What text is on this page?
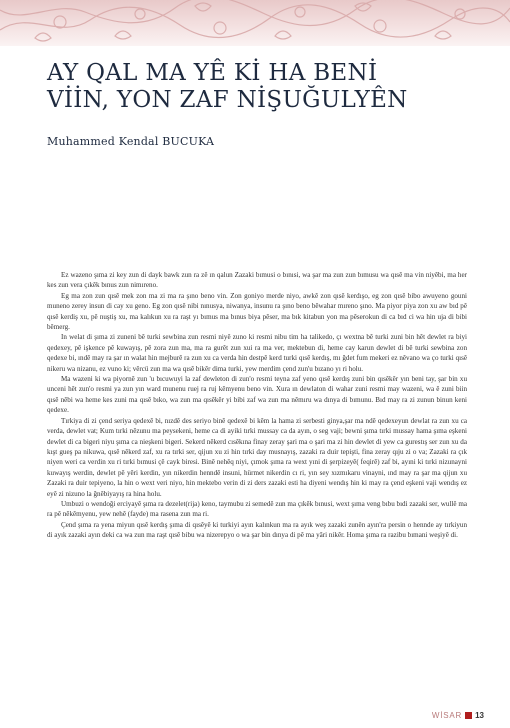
AY QAL MA YÊ Kİ HA BENİ
VİİN, YON ZAF NİŞUĞULYÊN
Muhammed Kendal BUCUKA

Ez wazeno şıma zi key zun di dayk bawk zun ra zê ın qalun Zazaki bımusi o bınısi, wa şar ma zun zun bımusu wa qısê ma vin niyêbi, ma her kes zun vera çıkêk bınus zun nimıreno.

Eg ma zon zun qısê mek zon ma zi ma ra şıno beno vin. Zon goniyo merde niyo, awkê zon qısê kerdışo, eg zon qısê bibo awuyeno gouni muneno zerey insun di cay xu geno. Eg zon qısê nibi nınusya, niwanya, insunu ra şıno beno bêwahar mıreno şıno. Ma piyor piya zon xu aw bıd pê qısê kerdiş xu, pê nuştiş xu, ma kalıkun xu ra raşt yı bımus ma bınus biya pêser, ma bık kitabun yon ma pêserokun di ca bıd ci wa hin uja di bibi bêmerg.

In welat di şıma zi zuneni bê turki sewbina zun resmi niyê zuno ki resmi nibu tim ha talikedo, çı wextna bê turki zuni bin hêt dewlet ra biyi qedexey, pê işkence pê kuwayış, pê zora zun ma, ma ra gurêt zun xui ra ma ver, mektebun di, heme cay karun dewlet di bê turki sewbina zon qedexe bi, ındê may ra şar ın walat hin mejburê ra zun xu ca verda hin destpê kerd turki qısê kerdış, mı ğdet fum mekeri ez nêvano wa ço turki qısê nikeru wa nizanu, ez vuno ki; vêrcü zun ma wa qısê bikêr dima turki, yew merdim çend zun'u bızano yı ri holu.

Ma wazeni ki wa piyornê zun 'u bıcuwuyi la zaf dewleton di zun'o resmi teyna zaf yeno qısê kerdış zuni bin qısêkêr yın beni tay, şar bin xu unceni hêt zun'o resmi ya zun yın ward munenu ruej ra ruj kêmyenu beno vin. Xura ın dewlaton di wahar zuni resmi may wazeni, wa ê zuni biin qısê nêbi wa heme kes zuni ma qısê bıko, wa zun ma qısêkêr yi bibi zaf wa zun ma nêmıru wa dınya di bımunu. Bıd may ra zi zunun binun keni qedexe.

Tırkiya di zi çend seriya qedexê bi, nızdê des seriyo binê qedexê bi kêm la hama zi serbesti ginya,şar ma ndê qedexeyun dewlat ra zun xu ca verda, dewlet vat; Kum tırki nêzunu ma peysekeni, heme ca di ayiki tırki mussay ca da ayın, o seg vaji; bewni şıma tırki mussay hama şıma eşkeni dewlet di ca bigeri niyu şıma ca nieşkeni bigeri. Sekerd nêkerd cısêkına finay zeray şari ma o şari ma zi hin dewlet di yew ca gurestış ser zun xu da kışt gueş pa nikuwa, qısê nêkerd zaf, xu ra tırki ser, qijun xu zi hin tırki day musnayış, zazaki ra duir tepişti, fina zeray qıju zi o va; Zazaki ra çık niyen weri ca verdin xu ri tırki bımusi çê cayk biresi. Binê nehêq niyi, çımok şıma ra wext yıni di şerpizeyê( feqirê) zaf bi, ayıni ki tırki nizunayni kuwayış werdin, dewlet pê yêri kerdin, yın nikerdin henndê insuni, hürmet nikerdin cı ri, yın sey xızmıkaru vinayni, ınd may ra şar ma qijun xu Zazaki ra duir tepiyeno, la hin o wext veri niyo, hin mektebo verin di zi ders zazaki esti ha diyeni wendış hin ki may ra çend eşkeni vaji wendış ez eyê zi nizuno la ğnêbiyayış ra hina holu.

Umbuzi o wendoği erciyayê şıma ra dezelet(rija) keno, taymubu zi semedê zun ma çıkêk bınusi, wext şıma veng bıbu bıdi zazaki ser, wullê ma ra pê nêkêmyenu, yew nehê (fayde) ma rasena zun ma ri.

Çend şıma ra yena miyun qısê kerdış şıma di qısêyê ki turkiyi ayın kalınkun ma ra ayık weş zazaki zunên ayın'ra persin o hennde ay tırkiyun di ayık zazaki ayın deki ca wa zun ma raşt qısê bibu wa nizerepyo o wa şar bin dınya di pê ma yâri nikêr. Homa şıma ra razibu bımani weşiyê di.

WİSAR 13
